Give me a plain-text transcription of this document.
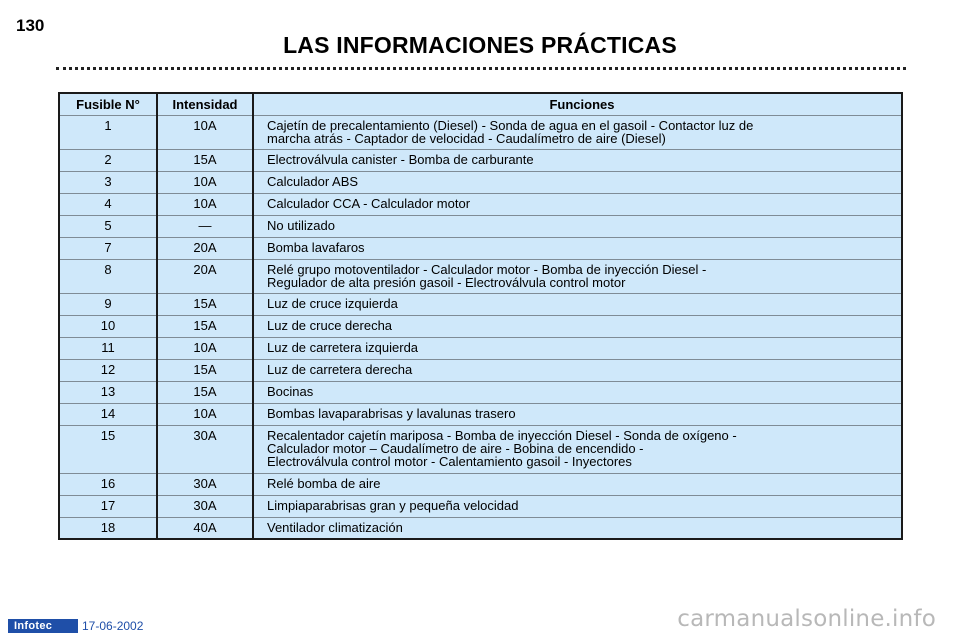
130
LAS INFORMACIONES PRÁCTICAS
Fusible N°	Intensidad	Funciones
1	10A	Cajetín de precalentamiento (Diesel) - Sonda de agua en el gasoil - Contactor luz de
marcha atrás - Captador de velocidad - Caudalímetro de aire (Diesel)

2	15A	Electroválvula canister - Bomba de carburante

3	10A	Calculador ABS

4	10A	Calculador CCA - Calculador motor

5	—	No utilizado

7	20A	Bomba lavafaros

8	20A	Relé grupo motoventilador - Calculador motor - Bomba de inyección Diesel -
Regulador de alta presión gasoil - Electroválvula control motor

9	15A	Luz de cruce izquierda

10	15A	Luz de cruce derecha

11	10A	Luz de carretera izquierda

12	15A	Luz de carretera derecha

13	15A	Bocinas

14	10A	Bombas lavaparabrisas y lavalunas trasero

15	30A	Recalentador cajetín mariposa - Bomba de inyección Diesel - Sonda de oxígeno -
Calculador motor – Caudalímetro de aire - Bobina de encendido -
Electroválvula control motor - Calentamiento gasoil - Inyectores

16	30A	Relé bomba de aire

17	30A	Limpiaparabrisas gran y pequeña velocidad

18	40A	Ventilador climatización
Infotec	17-06-2002	carmanualsonline.info
